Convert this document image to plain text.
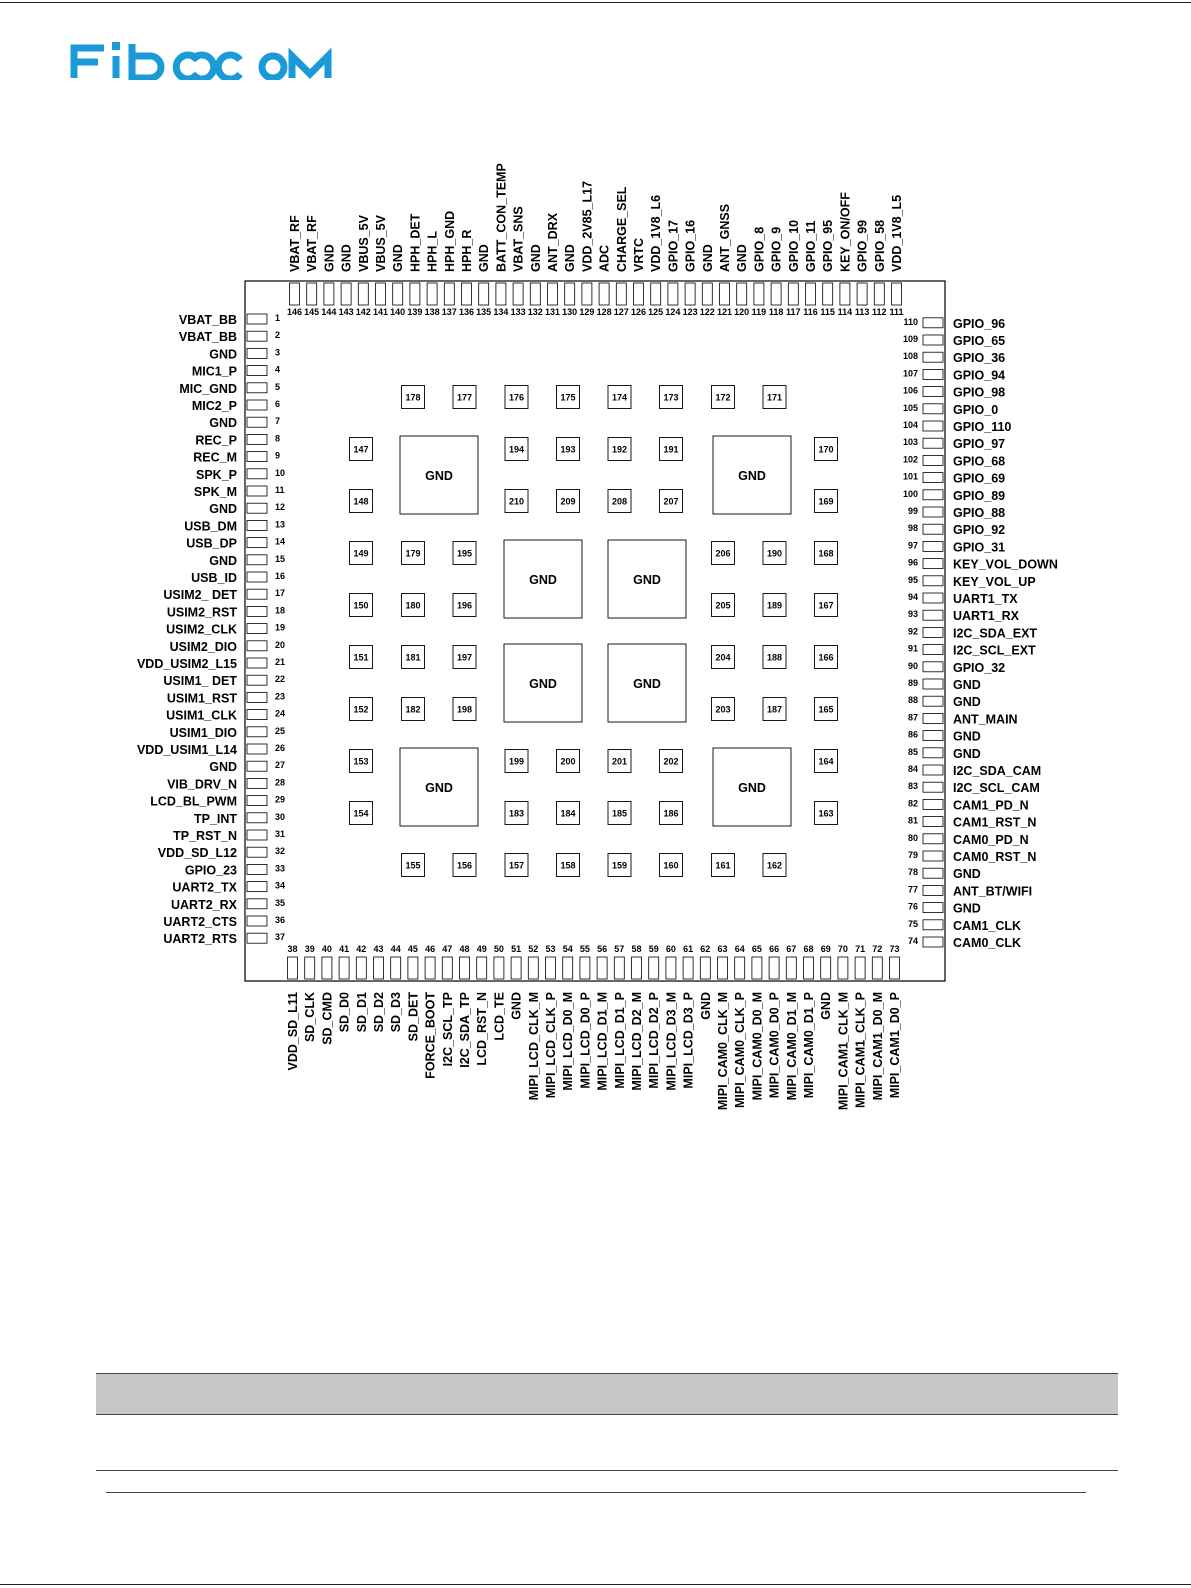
1
VBAT_BB
2
VBAT_BB
3
GND
4
MIC1_P
5
MIC_GND
6
MIC2_P
7
GND
8
REC_P
9
REC_M
10
SPK_P
11
SPK_M
12
GND
13
USB_DM
14
USB_DP
15
GND
16
USB_ID
17
USIM2_ DET
18
USIM2_RST
19
USIM2_CLK
20
USIM2_DIO
21
VDD_USIM2_L15
22
USIM1_ DET
23
USIM1_RST
24
USIM1_CLK
25
USIM1_DIO
26
VDD_USIM1_L14
27
GND
28
VIB_DRV_N
29
LCD_BL_PWM
30
TP_INT
31
TP_RST_N
32
VDD_SD_L12
33
GPIO_23
34
UART2_TX
35
UART2_RX
36
UART2_CTS
37
UART2_RTS
38
VDD_SD_L11
39
SD_CLK
40
SD_CMD
41
SD_D0
42
SD_D1
43
SD_D2
44
SD_D3
45
SD_DET
46
FORCE_BOOT
47
I2C_SCL_TP
48
I2C_SDA_TP
49
LCD_RST_N
50
LCD_TE
51
GND
52
MIPI_LCD_CLK_M
53
MIPI_LCD_CLK_P
54
MIPI_LCD_D0_M
55
MIPI_LCD_D0_P
56
MIPI_LCD_D1_M
57
MIPI_LCD_D1_P
58
MIPI_LCD_D2_M
59
MIPI_LCD_D2_P
60
MIPI_LCD_D3_M
61
MIPI_LCD_D3_P
62
GND
63
MIPI_CAM0_CLK_M
64
MIPI_CAM0_CLK_P
65
MIPI_CAM0_D0_M
66
MIPI_CAM0_D0_P
67
MIPI_CAM0_D1_M
68
MIPI_CAM0_D1_P
69
GND
70
MIPI_CAM1_CLK_M
71
MIPI_CAM1_CLK_P
72
MIPI_CAM1_D0_M
73
MIPI_CAM1_D0_P
74	CAM0_CLK
75	CAM1_CLK
76	GND
77	ANT_BT/WIFI
78	GND
79	CAM0_RST_N
80	CAM0_PD_N
81	CAM1_RST_N
82	CAM1_PD_N
83	I2C_SCL_CAM
84	I2C_SDA_CAM
85	GND
86	GND
87	ANT_MAIN
88	GND
89	GND
90	GPIO_32
91	I2C_SCL_EXT
92	I2C_SDA_EXT
93	UART1_RX
94	UART1_TX
95	KEY_VOL_UP
96	KEY_VOL_DOWN
97	GPIO_31
98	GPIO_92
99	GPIO_88
100	GPIO_89
101	GPIO_69
102	GPIO_68
103	GPIO_97
104	GPIO_110
105	GPIO_0
106	GPIO_98
107	GPIO_94
108	GPIO_36
109	GPIO_65
110	GPIO_96
111
VDD_1V8_L5
112
GPIO_58
113
GPIO_99
114
KEY_ON/OFF
115
GPIO_95
116
GPIO_11
117
GPIO_10
118
GPIO_9
119
GPIO_8
120
GND
121
ANT_GNSS
122
GND
123
GPIO_16
124
GPIO_17
125
VDD_1V8_L6
126
VRTC
127
CHARGE_SEL
128
ADC
129
VDD_2V85_L17
130
GND
131
ANT_DRX
132
GND
133
VBAT_SNS
134
BATT_CON_TEMP
135
GND
136
HPH_R
137
HPH_GND
138
HPH_L
139
HPH_DET
140
GND
141
VBUS_5V
142
VBUS_5V
143
GND
144
GND
145
VBAT_RF
146
VBAT_RF
178	177	176	175	174	173	172	171
147
GND
194	193	192	191
GND
170
148	210	209	208	207	169
149	179	195
GND	GND
206	190	168
150	180	196	205	189	167
151	181	197
GND	GND
204	188	166
152	182	198	203	187	165
153
GND
199	200	201	202
GND
164
154	183	184	185	186	163
155	156	157	158	159	160	161	162
